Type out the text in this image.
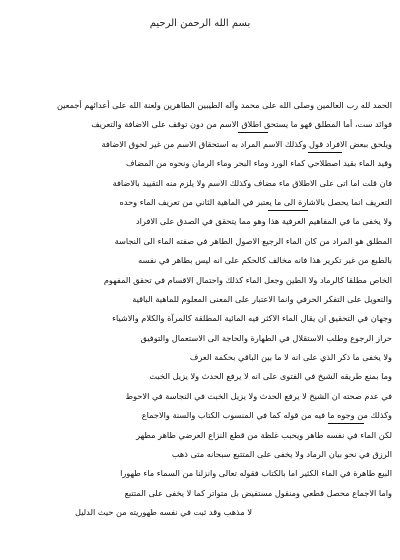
بسم الله الرحمن الرحيم
الحمد لله رب العالمين وصلى الله على محمد وآله الطيبين الطاهرين ولعنة الله على أعدائهم أجمعين
فوائد ست، أما المطلق فهو ما يستحق اطلاق الاسم من دون توقف على الاضافة والتعريف
ويلحق ببعض الافراد قول وكذلك الاسم المراد به استحقاق الاسم من غير لحوق الاضافة
وقيد الماء بقيد اصطلاحي كماء الورد وماء البحر وماء الرمان ونحوه من المضاف
فان قلت اما اتى على الاطلاق ماء مضاف وكذلك الاسم ولا يلزم منه التقييد بالاضافة
التعريف انما يحصل بالاشارة الى ما يعتبر في الماهية الثاني من تعريف الماء وحده
ولا يخفى ما في المفاهيم العرفية هذا وهو مما يتحقق في الصدق على الافراد
المطلق هو المراد من كان الماء الرجيع الاصول الطاهر في صفته الماء الى النجاسة
بالطبع من غير تكرير هذا فانه مخالف كالحكم على انه ليس بطاهر في نفسه
الخاص مطلقا كالرماد ولا الطين وجعل الماء كذلك واحتمال الاقسام في تحقق المفهوم
والتعويل على التفكر الحرفي وانما الاعتبار على المعنى المعلوم للماهية الباقية
وجهان في التحقيق ان يقال الماء الاكثر فيه المائية المطلقة كالمرآة والكلام والاشياء
حراز الرجوع وطلب الاستقلال في الطهارة والحاجة الى الاستعمال والتوفيق
ولا يخفى ما ذكر الذي على انه لا ما بين الباقي بحكمة العرف
وما بمنع طريقه الشيخ في الفتوى على انه لا يرفع الحدث ولا يزيل الخبث
في عدم صحته ان الشيخ لا يرفع الحدث ولا يزيل الخبث في النجاسة في الاحوط
وكذلك من وجوه ما فيه من قوله كما في المنسوب الكتاب والسنة والاجماع
لكن الماء في نفسه طاهر ويحبب غلظة من قطع النزاع العرضي طاهر مطهر
الرزق في نحو بيان الرماد ولا يخفى على المتتبع سبحانه متى ذهب
البيع طاهرة في الماء الكثير اما بالكتاب فقوله تعالى وانزلنا من السماء ماء طهورا
واما الاجماع محصل قطعي ومنقول مستفيض بل متواتر كما لا يخفى على المتتبع
لا مذهب وقد ثبت في نفسه طهوريته من حيث الدليل
